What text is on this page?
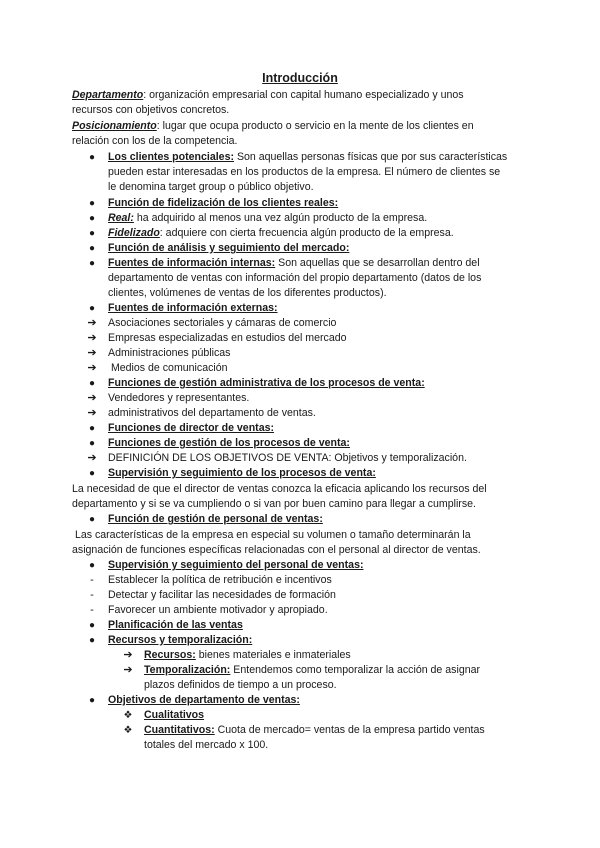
Introducción
Departamento: organización empresarial con capital humano especializado y unos
recursos con objetivos concretos.
Posicionamiento: lugar que ocupa producto o servicio en la mente de los clientes en
relación con los de la competencia.
●	Los clientes potenciales: Son aquellas personas físicas que por sus características
pueden estar interesadas en los productos de la empresa. El número de clientes se
le denomina target group o público objetivo.
●	Función de fidelización de los clientes reales:
●	Real: ha adquirido al menos una vez algún producto de la empresa.
●	Fidelizado: adquiere con cierta frecuencia algún producto de la empresa.
●	Función de análisis y seguimiento del mercado:
●	Fuentes de información internas: Son aquellas que se desarrollan dentro del
departamento de ventas con información del propio departamento (datos de los
clientes, volúmenes de ventas de los diferentes productos).
●	Fuentes de información externas:
➔	Asociaciones sectoriales y cámaras de comercio
➔	Empresas especializadas en estudios del mercado
➔	Administraciones públicas
➔	Medios de comunicación
●	Funciones de gestión administrativa de los procesos de venta:
➔	Vendedores y representantes.
➔	administrativos del departamento de ventas.
●	Funciones de director de ventas:
●	Funciones de gestión de los procesos de venta:
➔	DEFINICIÓN DE LOS OBJETIVOS DE VENTA: Objetivos y temporalización.
●	Supervisión y seguimiento de los procesos de venta:
La necesidad de que el director de ventas conozca la eficacia aplicando los recursos del
departamento y si se va cumpliendo o si van por buen camino para llegar a cumplirse.
●	Función de gestión de personal de ventas:
Las características de la empresa en especial su volumen o tamaño determinarán la
asignación de funciones específicas relacionadas con el personal al director de ventas.
●	Supervisión y seguimiento del personal de ventas:
-	Establecer la política de retribución e incentivos
-	Detectar y facilitar las necesidades de formación
-	Favorecer un ambiente motivador y apropiado.
●	Planificación de las ventas
●	Recursos y temporalización:
➔	Recursos: bienes materiales e inmateriales
➔	Temporalización: Entendemos como temporalizar la acción de asignar
plazos definidos de tiempo a un proceso.
●	Objetivos de departamento de ventas:
❖	Cualitativos
❖	Cuantitativos: Cuota de mercado= ventas de la empresa partido ventas
totales del mercado x 100.
